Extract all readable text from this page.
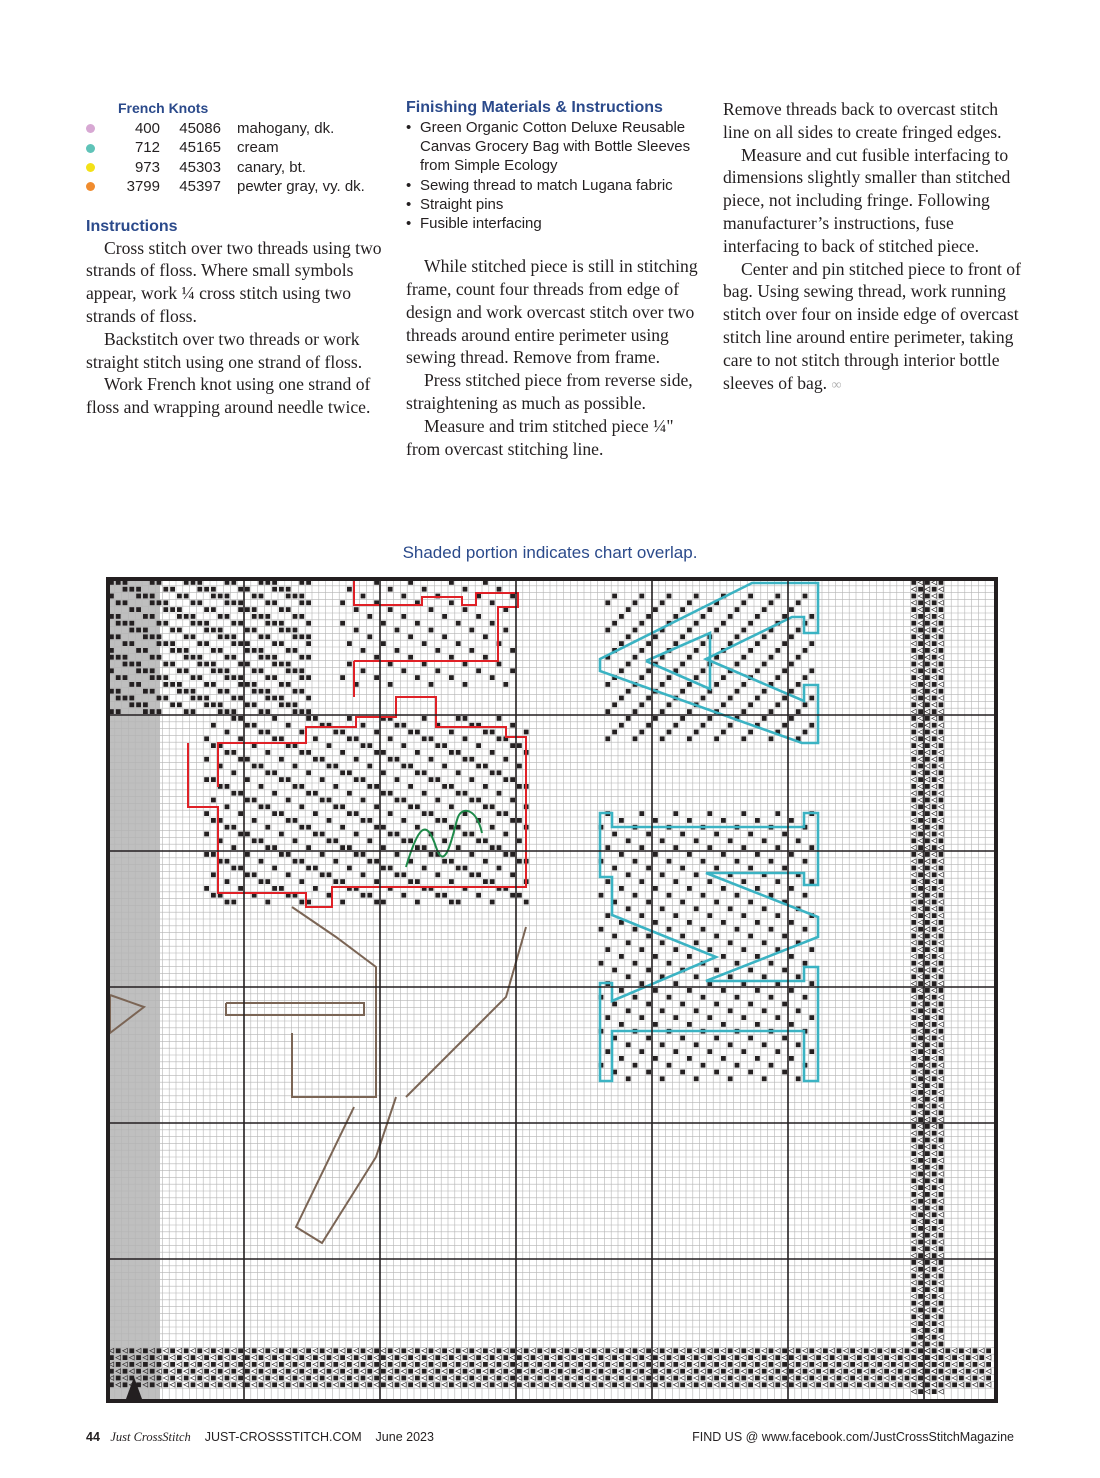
French Knots
400	45086	mahogany, dk.
712	45165	cream
973	45303	canary, bt.
3799	45397	pewter gray, vy. dk.
Instructions

Cross stitch over two threads using two strands of floss. Where small symbols appear, work ¼ cross stitch using two strands of floss.

Backstitch over two threads or work straight stitch using one strand of floss.

Work French knot using one strand of floss and wrapping around needle twice.

Finishing Materials & Instructions
• Green Organic Cotton Deluxe Reusable Canvas Grocery Bag with Bottle Sleeves from Simple Ecology
• Sewing thread to match Lugana fabric
• Straight pins
• Fusible interfacing

While stitched piece is still in stitching frame, count four threads from edge of design and work overcast stitch over two threads around entire perimeter using sewing thread. Remove from frame.

Press stitched piece from reverse side, straightening as much as possible.

Measure and trim stitched piece ¼" from overcast stitching line.

Remove threads back to overcast stitch line on all sides to create fringed edges.

Measure and cut fusible interfacing to dimensions slightly smaller than stitched piece, not including fringe. Following manufacturer’s instructions, fuse interfacing to back of stitched piece.

Center and pin stitched piece to front of bag. Using sewing thread, work running stitch over four on inside edge of overcast stitch line around entire perimeter, taking care to not stitch through interior bottle sleeves of bag. ∞

Shaded portion indicates chart overlap.
44 Just CrossStitch JUST-CROSSSTITCH.COM June 2023	FIND US @ www.facebook.com/JustCrossStitchMagazine
